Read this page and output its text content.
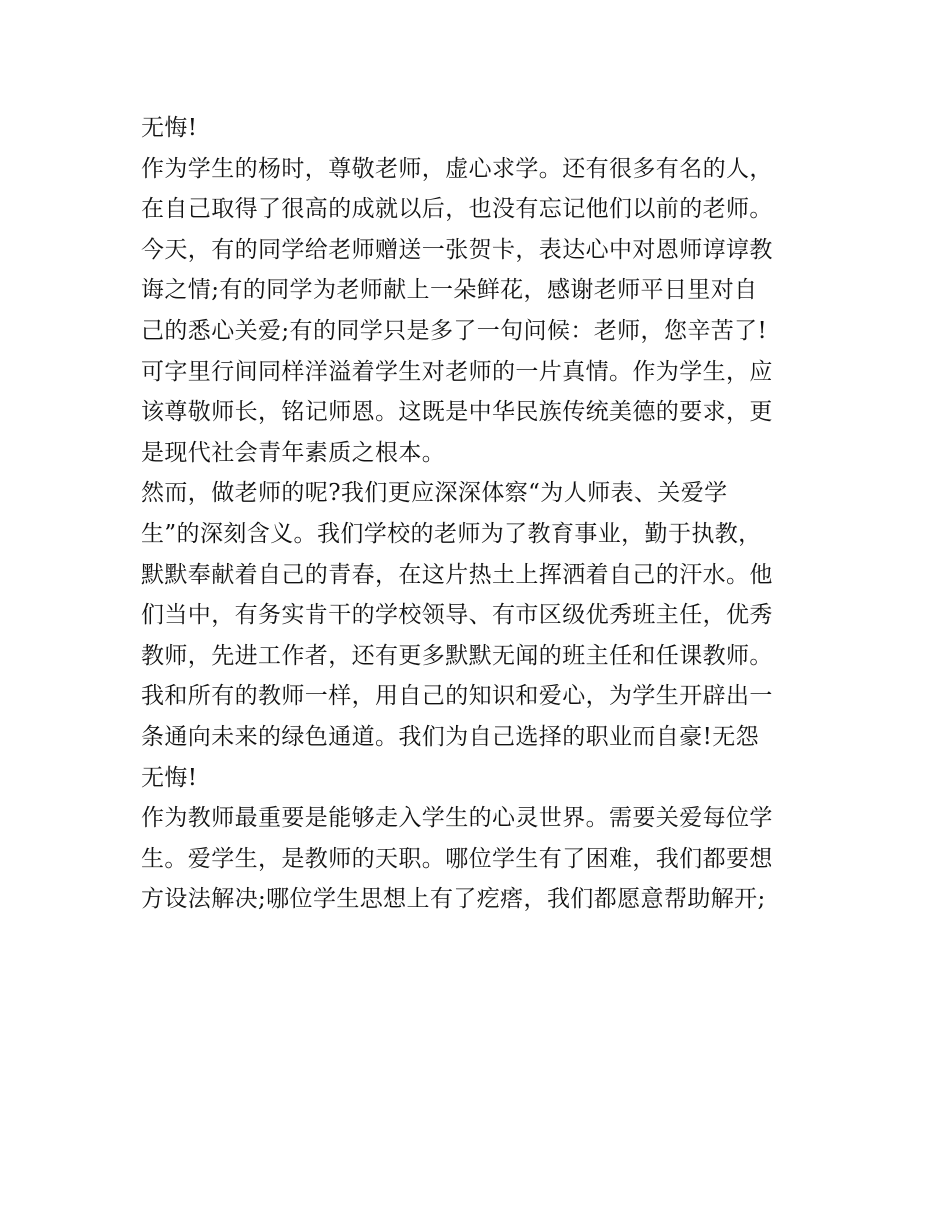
无悔!
作为学生的杨时，尊敬老师，虚心求学。还有很多有名的人，
在自己取得了很高的成就以后，也没有忘记他们以前的老师。
今天，有的同学给老师赠送一张贺卡，表达心中对恩师谆谆教
诲之情;有的同学为老师献上一朵鲜花，感谢老师平日里对自
己的悉心关爱;有的同学只是多了一句问候：老师，您辛苦了!
可字里行间同样洋溢着学生对老师的一片真情。作为学生，应
该尊敬师长，铭记师恩。这既是中华民族传统美德的要求，更
是现代社会青年素质之根本。
然而，做老师的呢?我们更应深深体察“为人师表、关爱学
生”的深刻含义。我们学校的老师为了教育事业，勤于执教，
默默奉献着自己的青春，在这片热土上挥洒着自己的汗水。他
们当中，有务实肯干的学校领导、有市区级优秀班主任，优秀
教师，先进工作者，还有更多默默无闻的班主任和任课教师。
我和所有的教师一样，用自己的知识和爱心，为学生开辟出一
条通向未来的绿色通道。我们为自己选择的职业而自豪!无怨
无悔!
作为教师最重要是能够走入学生的心灵世界。需要关爱每位学
生。爱学生，是教师的天职。哪位学生有了困难，我们都要想
方设法解决;哪位学生思想上有了疙瘩，我们都愿意帮助解开;
